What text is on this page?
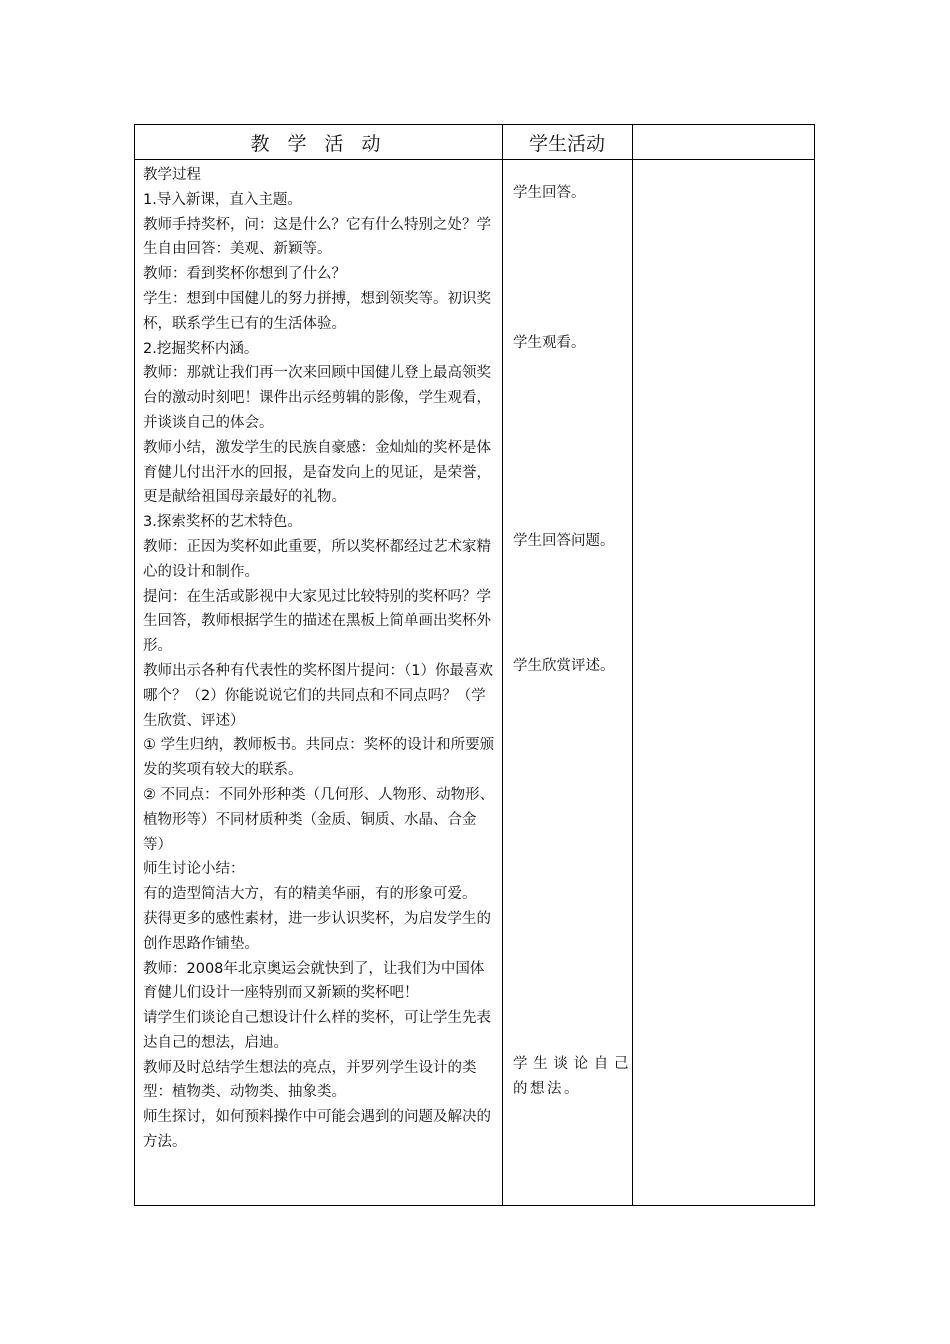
教 学 活 动	学生活动

教学过程

1.导入新课，直入主题。

教师手持奖杯，问：这是什么？它有什么特别之处？学生自由回答：美观、新颖等。

教师：看到奖杯你想到了什么？

学生：想到中国健儿的努力拼搏，想到领奖等。初识奖杯，联系学生已有的生活体验。

2.挖掘奖杯内涵。

教师：那就让我们再一次来回顾中国健儿登上最高领奖台的激动时刻吧！课件出示经剪辑的影像，学生观看，并谈谈自己的体会。

教师小结，激发学生的民族自豪感：金灿灿的奖杯是体育健儿付出汗水的回报，是奋发向上的见证，是荣誉，更是献给祖国母亲最好的礼物。

3.探索奖杯的艺术特色。

教师：正因为奖杯如此重要，所以奖杯都经过艺术家精心的设计和制作。

提问：在生活或影视中大家见过比较特别的奖杯吗？学生回答，教师根据学生的描述在黑板上简单画出奖杯外形。

教师出示各种有代表性的奖杯图片提问：（1）你最喜欢哪个？（2）你能说说它们的共同点和不同点吗？（学生欣赏、评述）

① 学生归纳，教师板书。共同点：奖杯的设计和所要颁发的奖项有较大的联系。

② 不同点：不同外形种类（几何形、人物形、动物形、植物形等）不同材质种类（金质、铜质、水晶、合金等）

师生讨论小结：

有的造型简洁大方，有的精美华丽，有的形象可爱。

获得更多的感性素材，进一步认识奖杯，为启发学生的创作思路作铺垫。

教师：2008年北京奥运会就快到了，让我们为中国体育健儿们设计一座特别而又新颖的奖杯吧！

请学生们谈论自己想设计什么样的奖杯，可让学生先表达自己的想法，启迪。

教师及时总结学生想法的亮点，并罗列学生设计的类型：植物类、动物类、抽象类。

师生探讨，如何预料操作中可能会遇到的问题及解决的方法。

学生回答。
学生观看。
学生回答问题。
学生欣赏评述。
学生谈论自己的想法。
